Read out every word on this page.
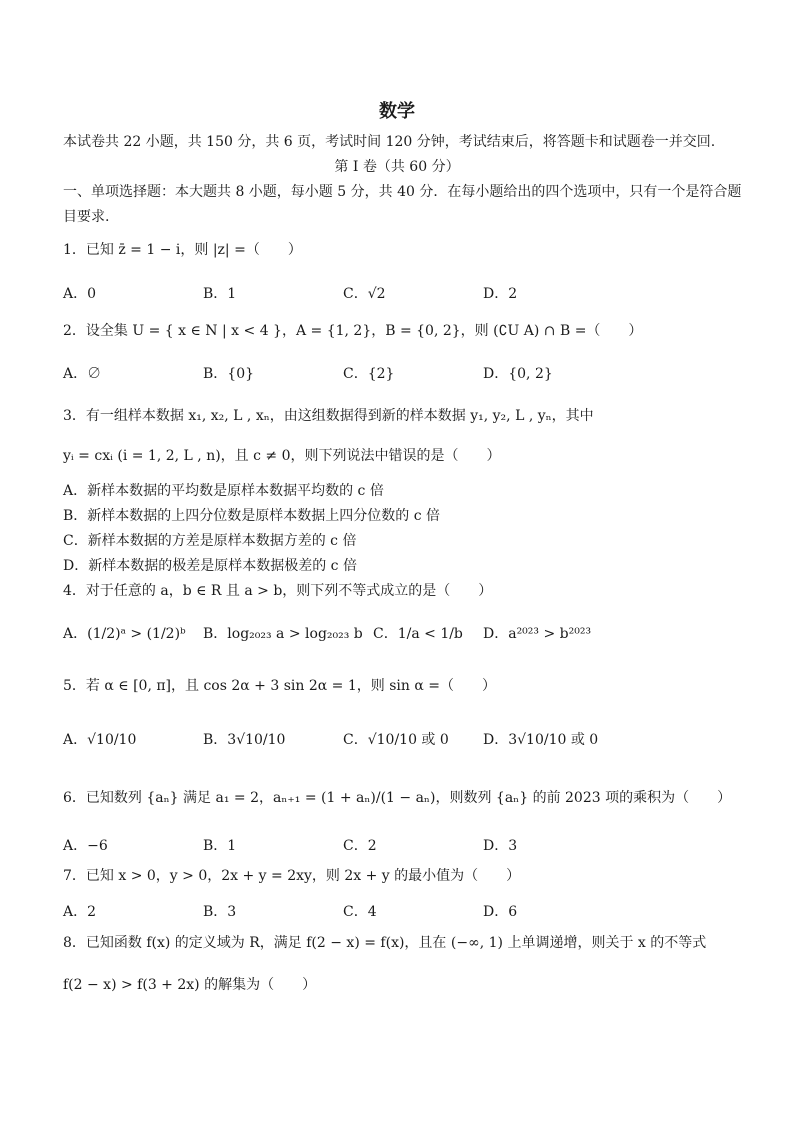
数学
本试卷共 22 小题，共 150 分，共 6 页，考试时间 120 分钟，考试结束后，将答题卡和试题卷一并交回.
第 I 卷（共 60 分）
一、单项选择题：本大题共 8 小题，每小题 5 分，共 40 分．在每小题给出的四个选项中，只有一个是符合题
目要求.
1．已知 z̄ = 1 − i，则 |z| =（　　）
A．0	B．1	C．√2	D．2
2．设全集 U = { x ∈ N | x < 4 }，A = {1, 2}，B = {0, 2}，则 (∁U A) ∩ B =（　　）
A．∅	B．{0}	C．{2}	D．{0, 2}
3．有一组样本数据 x₁, x₂, L , xₙ，由这组数据得到新的样本数据 y₁, y₂, L , yₙ，其中
yᵢ = cxᵢ (i = 1, 2, L , n)，且 c ≠ 0，则下列说法中错误的是（　　）
A．新样本数据的平均数是原样本数据平均数的 c 倍
B．新样本数据的上四分位数是原样本数据上四分位数的 c 倍
C．新样本数据的方差是原样本数据方差的 c 倍
D．新样本数据的极差是原样本数据极差的 c 倍
4．对于任意的 a，b ∈ R 且 a > b，则下列不等式成立的是（　　）
A．(1/2)ᵃ > (1/2)ᵇ B．log₂₀₂₃ a > log₂₀₂₃ b C．1/a < 1/b D．a²⁰²³ > b²⁰²³
5．若 α ∈ [0, π]，且 cos 2α + 3 sin 2α = 1，则 sin α =（　　）
A．√10/10	B．3√10/10	C．√10/10 或 0 D．3√10/10 或 0
6．已知数列 {aₙ} 满足 a₁ = 2，aₙ₊₁ = (1 + aₙ)/(1 − aₙ)，则数列 {aₙ} 的前 2023 项的乘积为（　　）
A．−6	B．1	C．2	D．3
7．已知 x > 0，y > 0，2x + y = 2xy，则 2x + y 的最小值为（　　）
A．2	B．3	C．4	D．6
8．已知函数 f(x) 的定义域为 R，满足 f(2 − x) = f(x)，且在 (−∞, 1) 上单调递增，则关于 x 的不等式
f(2 − x) > f(3 + 2x) 的解集为（　　）
